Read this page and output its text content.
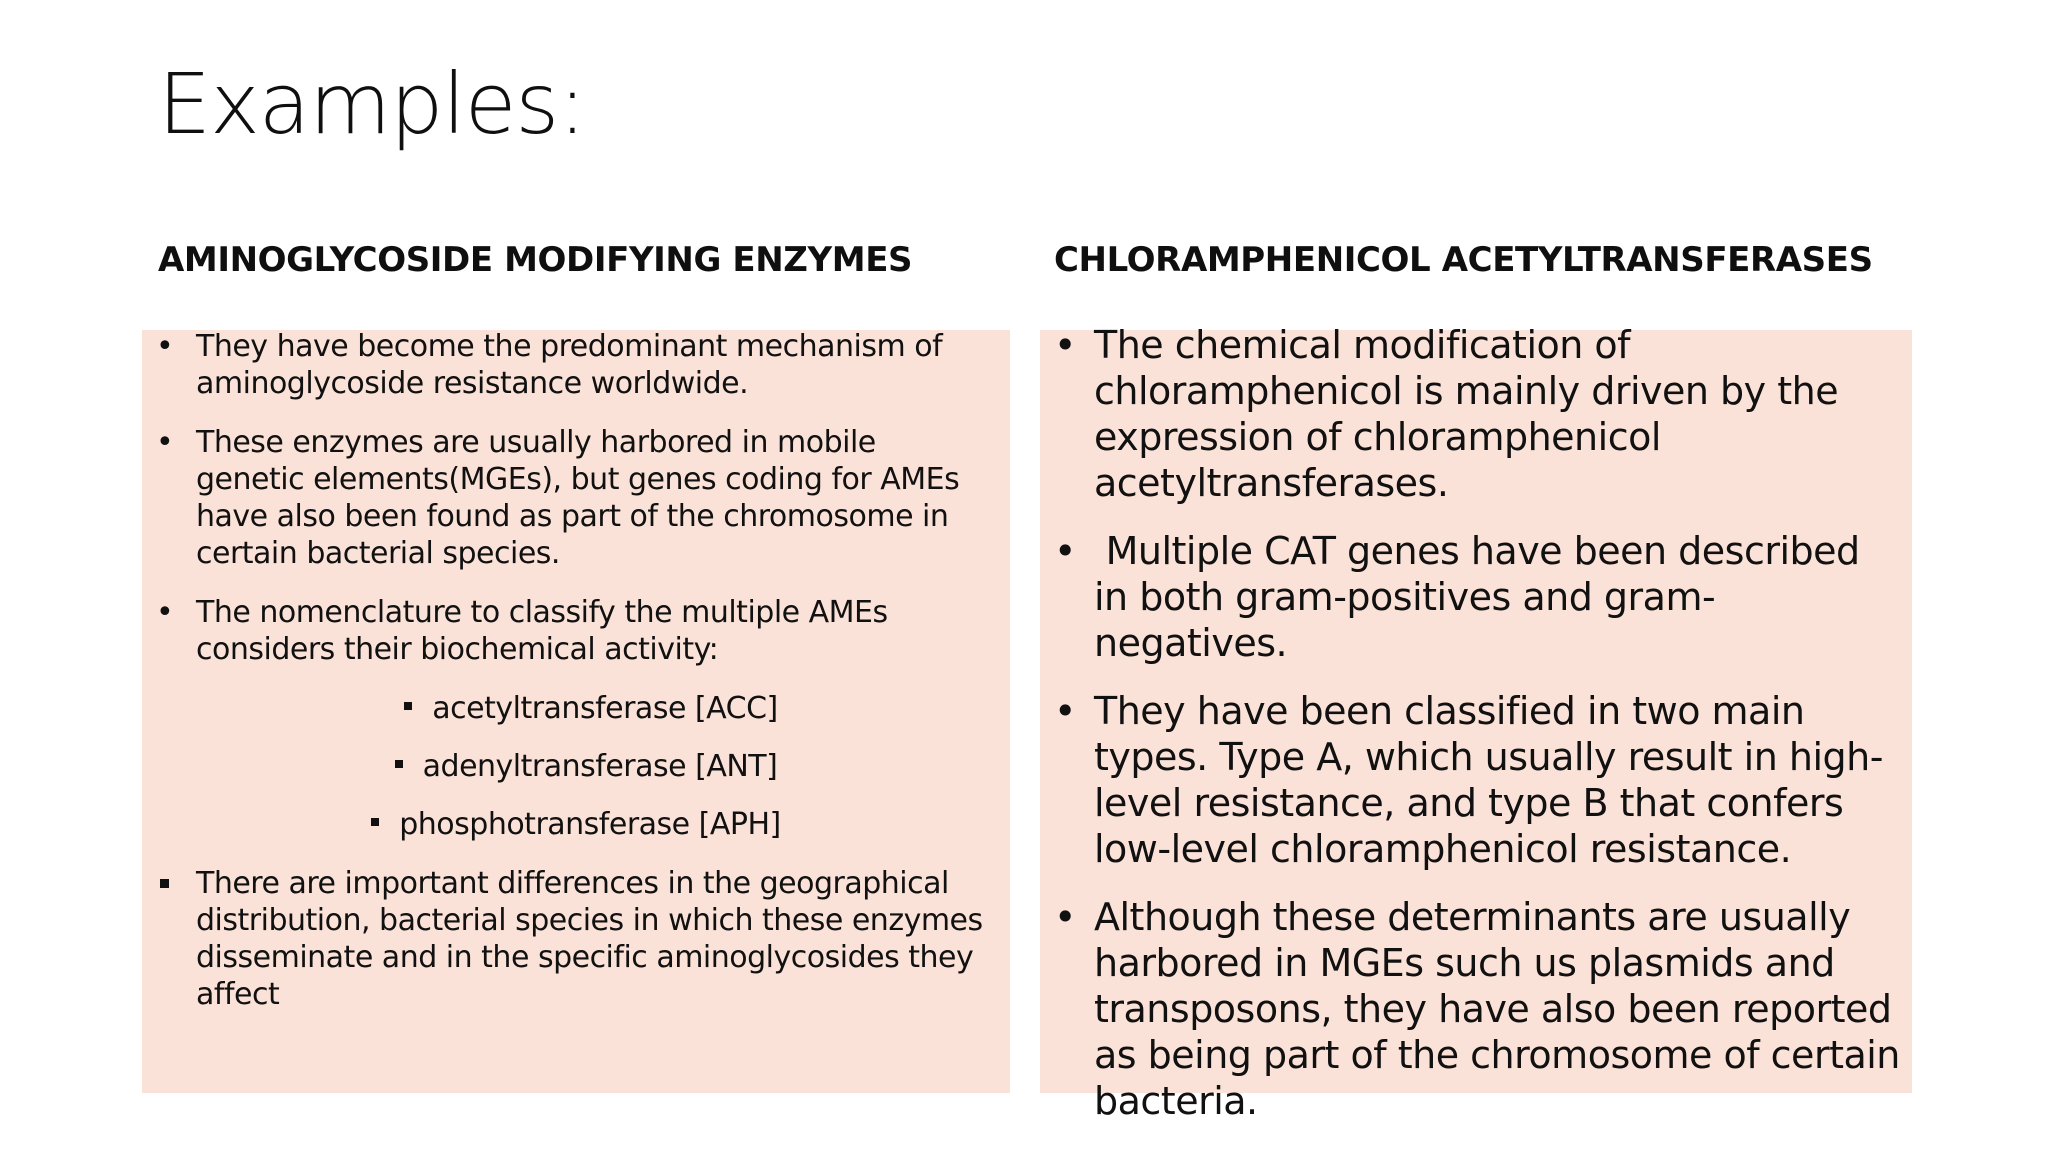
Examples:
AMINOGLYCOSIDE MODIFYING ENZYMES	CHLORAMPHENICOL ACETYLTRANSFERASES
• They have become the predominant mechanism of aminoglycoside resistance worldwide.
• These enzymes are usually harbored in mobile genetic elements(MGEs), but genes coding for AMEs have also been found as part of the chromosome in certain bacterial species.
• The nomenclature to classify the multiple AMEs considers their biochemical activity:
acetyltransferase [ACC]
adenyltransferase [ANT]
phosphotransferase [APH]
There are important differences in the geographical distribution, bacterial species in which these enzymes disseminate and in the specific aminoglycosides they affect
• The chemical modification of chloramphenicol is mainly driven by the expression of chloramphenicol acetyltransferases.
• Multiple CAT genes have been described in both gram-positives and gram-negatives.
• They have been classified in two main types. Type A, which usually result in high-level resistance, and type B that confers low-level chloramphenicol resistance.
• Although these determinants are usually harbored in MGEs such us plasmids and transposons, they have also been reported as being part of the chromosome of certain bacteria.
